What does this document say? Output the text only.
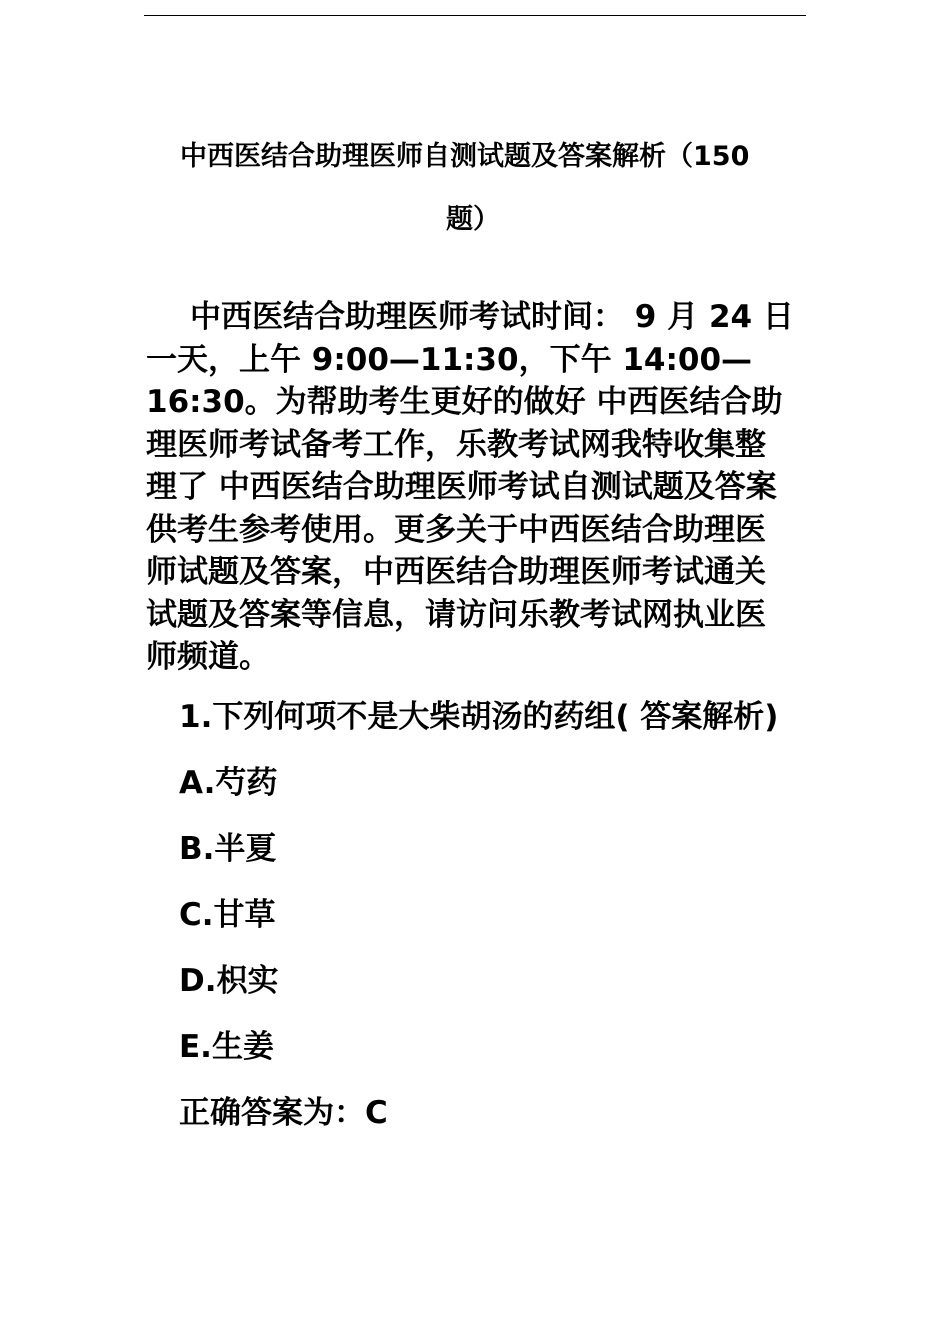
中西医结合助理医师自测试题及答案解析（150
题）
中西医结合助理医师考试时间： 9 月 24 日
一天，上午 9:00—11:30，下午 14:00—
16:30。为帮助考生更好的做好 中西医结合助
理医师考试备考工作，乐教考试网我特收集整
理了 中西医结合助理医师考试自测试题及答案
供考生参考使用。更多关于中西医结合助理医
师试题及答案，中西医结合助理医师考试通关
试题及答案等信息，请访问乐教考试网执业医
师频道。
1.下列何项不是大柴胡汤的药组( 答案解析)
A.芍药
B.半夏
C.甘草
D.枳实
E.生姜
正确答案为：C
